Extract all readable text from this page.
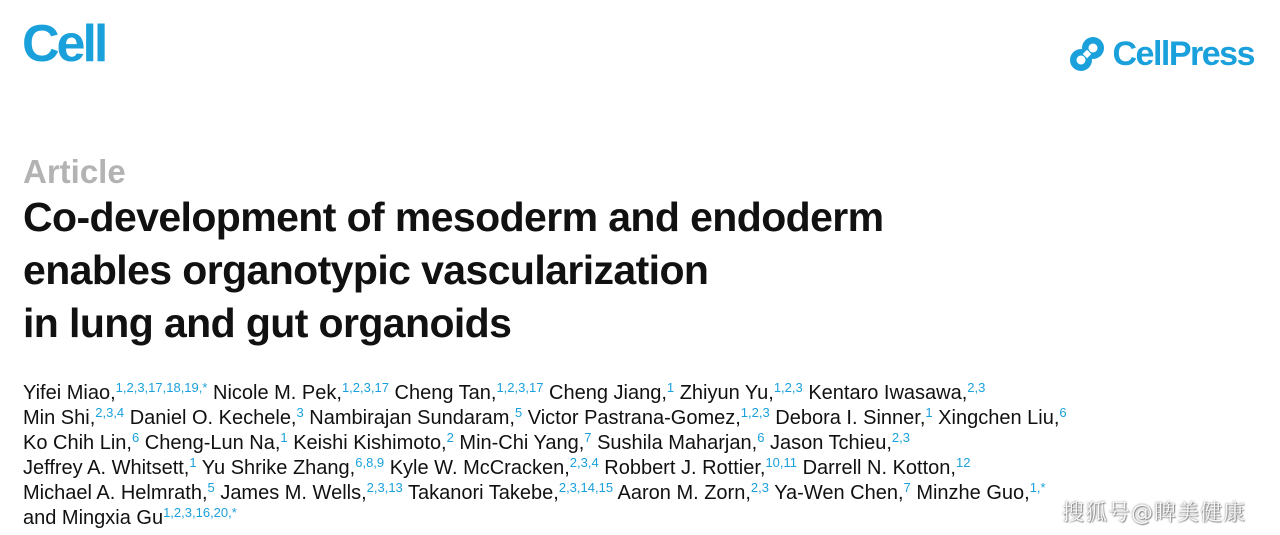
Cell	CellPress
Article
Co-development of mesoderm and endoderm
enables organotypic vascularization
in lung and gut organoids
Yifei Miao,$^{1,2,3,17,18,19,*}$ Nicole M. Pek,$^{1,2,3,17}$ Cheng Tan,$^{1,2,3,17}$ Cheng Jiang,$^1$ Zhiyun Yu,$^{1,2,3}$ Kentaro Iwasawa,$^{2,3}$
Min Shi,$^{2,3,4}$ Daniel O. Kechele,$^3$ Nambirajan Sundaram,$^5$ Victor Pastrana-Gomez,$^{1,2,3}$ Debora I. Sinner,$^1$ Xingchen Liu,$^6$
Ko Chih Lin,$^6$ Cheng-Lun Na,$^1$ Keishi Kishimoto,$^2$ Min-Chi Yang,$^7$ Sushila Maharjan,$^6$ Jason Tchieu,$^{2,3}$
Jeffrey A. Whitsett,$^1$ Yu Shrike Zhang,$^{6,8,9}$ Kyle W. McCracken,$^{2,3,4}$ Robbert J. Rottier,$^{10,11}$ Darrell N. Kotton,$^{12}$
Michael A. Helmrath,$^5$ James M. Wells,$^{2,3,13}$ Takanori Takebe,$^{2,3,14,15}$ Aaron M. Zorn,$^{2,3}$ Ya-Wen Chen,$^7$ Minzhe Guo,$^{1,*}$
and Mingxia Gu$^{1,2,3,16,20,*}$	搜狐号@睥美健康
